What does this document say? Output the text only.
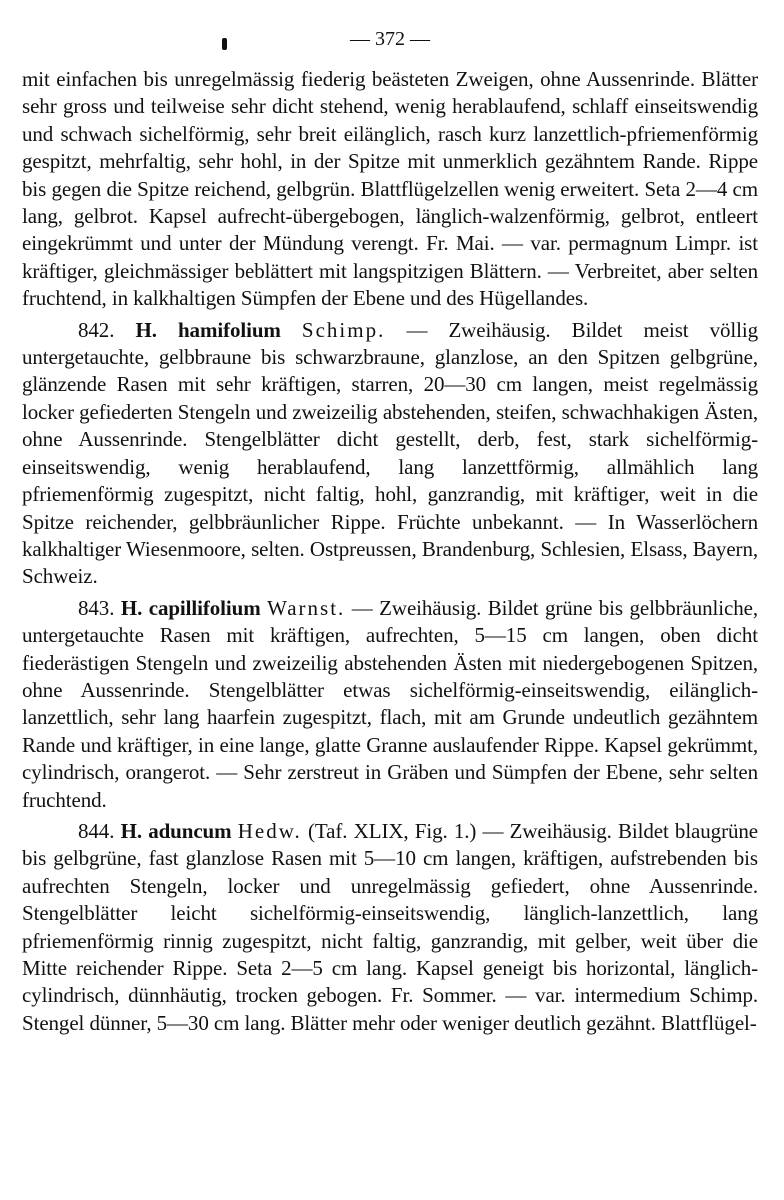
— 372 —

mit einfachen bis unregelmässig fiederig beästeten Zweigen, ohne Aussenrinde. Blätter sehr gross und teilweise sehr dicht stehend, wenig herablaufend, schlaff einseitswendig und schwach sichelförmig, sehr breit eilänglich, rasch kurz lanzettlich-pfriemenförmig gespitzt, mehrfaltig, sehr hohl, in der Spitze mit unmerklich gezähntem Rande. Rippe bis gegen die Spitze reichend, gelbgrün. Blattflügelzellen wenig erweitert. Seta 2—4 cm lang, gelbrot. Kapsel aufrecht-übergebogen, länglich-walzenförmig, gelbrot, entleert eingekrümmt und unter der Mündung verengt. Fr. Mai. — var. permagnum Limpr. ist kräftiger, gleichmässiger beblättert mit langspitzigen Blättern. — Verbreitet, aber selten fruchtend, in kalkhaltigen Sümpfen der Ebene und des Hügellandes.

842. H. hamifolium Schimp. — Zweihäusig. Bildet meist völlig untergetauchte, gelbbraune bis schwarzbraune, glanzlose, an den Spitzen gelbgrüne, glänzende Rasen mit sehr kräftigen, starren, 20—30 cm langen, meist regelmässig locker gefiederten Stengeln und zweizeilig abstehenden, steifen, schwachhakigen Ästen, ohne Aussenrinde. Stengelblätter dicht gestellt, derb, fest, stark sichelförmig-einseitswendig, wenig herablaufend, lang lanzettförmig, allmählich lang pfriemenförmig zugespitzt, nicht faltig, hohl, ganzrandig, mit kräftiger, weit in die Spitze reichender, gelbbräunlicher Rippe. Früchte unbekannt. — In Wasserlöchern kalkhaltiger Wiesenmoore, selten. Ostpreussen, Brandenburg, Schlesien, Elsass, Bayern, Schweiz.

843. H. capillifolium Warnst. — Zweihäusig. Bildet grüne bis gelbbräunliche, untergetauchte Rasen mit kräftigen, aufrechten, 5—15 cm langen, oben dicht fiederästigen Stengeln und zweizeilig abstehenden Ästen mit niedergebogenen Spitzen, ohne Aussenrinde. Stengelblätter etwas sichelförmig-einseitswendig, eilänglich-lanzettlich, sehr lang haarfein zugespitzt, flach, mit am Grunde undeutlich gezähntem Rande und kräftiger, in eine lange, glatte Granne auslaufender Rippe. Kapsel gekrümmt, cylindrisch, orangerot. — Sehr zerstreut in Gräben und Sümpfen der Ebene, sehr selten fruchtend.

844. H. aduncum Hedw. (Taf. XLIX, Fig. 1.) — Zweihäusig. Bildet blaugrüne bis gelbgrüne, fast glanzlose Rasen mit 5—10 cm langen, kräftigen, aufstrebenden bis aufrechten Stengeln, locker und unregelmässig gefiedert, ohne Aussenrinde. Stengelblätter leicht sichelförmig-einseitswendig, länglich-lanzettlich, lang pfriemenförmig rinnig zugespitzt, nicht faltig, ganzrandig, mit gelber, weit über die Mitte reichender Rippe. Seta 2—5 cm lang. Kapsel geneigt bis horizontal, länglich-cylindrisch, dünnhäutig, trocken gebogen. Fr. Sommer. — var. intermedium Schimp. Stengel dünner, 5—30 cm lang. Blätter mehr oder weniger deutlich gezähnt. Blattflügel-
